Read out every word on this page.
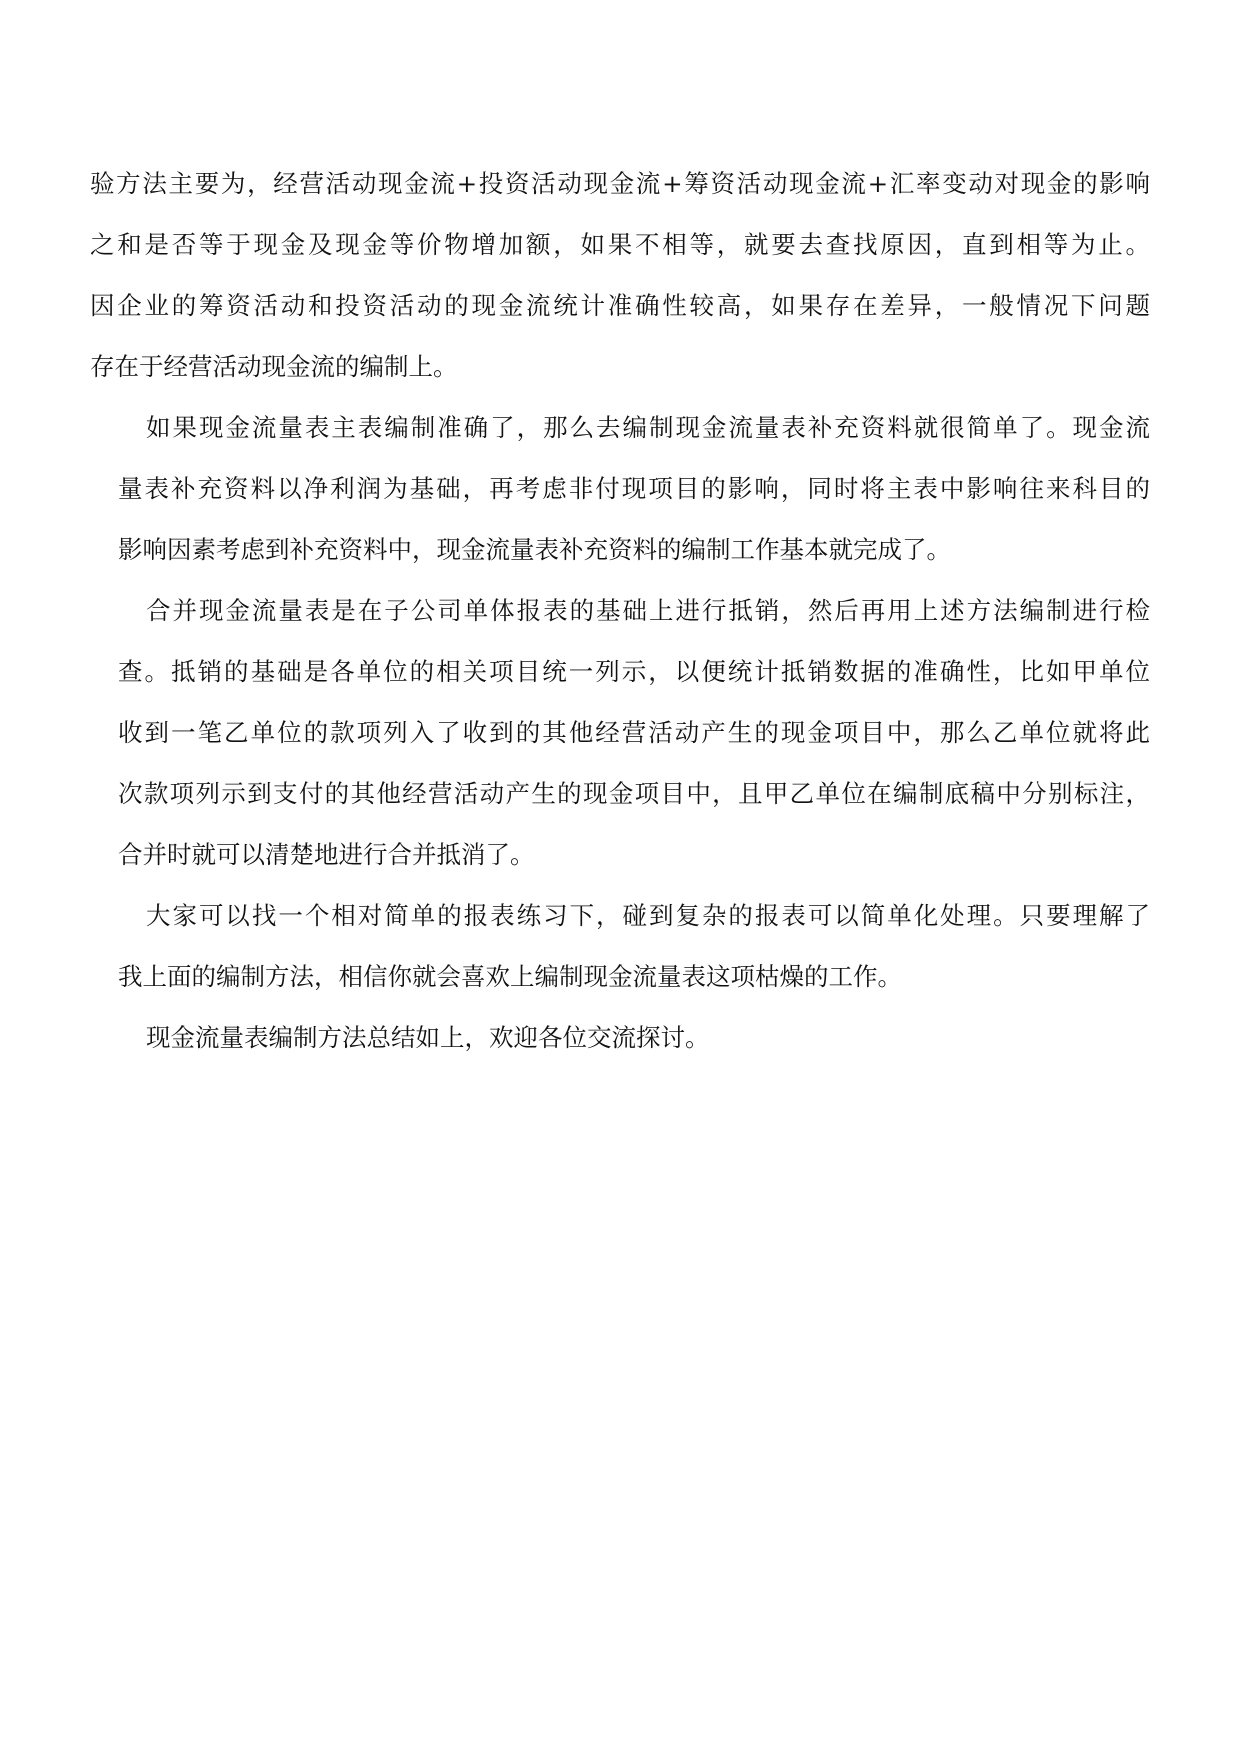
验方法主要为，经营活动现金流+投资活动现金流+筹资活动现金流+汇率变动对现金的影响
之和是否等于现金及现金等价物增加额，如果不相等，就要去查找原因，直到相等为止。
因企业的筹资活动和投资活动的现金流统计准确性较高，如果存在差异，一般情况下问题
存在于经营活动现金流的编制上。
如果现金流量表主表编制准确了，那么去编制现金流量表补充资料就很简单了。现金流
量表补充资料以净利润为基础，再考虑非付现项目的影响，同时将主表中影响往来科目的
影响因素考虑到补充资料中，现金流量表补充资料的编制工作基本就完成了。
合并现金流量表是在子公司单体报表的基础上进行抵销，然后再用上述方法编制进行检
查。抵销的基础是各单位的相关项目统一列示，以便统计抵销数据的准确性，比如甲单位
收到一笔乙单位的款项列入了收到的其他经营活动产生的现金项目中，那么乙单位就将此
次款项列示到支付的其他经营活动产生的现金项目中，且甲乙单位在编制底稿中分别标注，
合并时就可以清楚地进行合并抵消了。
大家可以找一个相对简单的报表练习下，碰到复杂的报表可以简单化处理。只要理解了
我上面的编制方法，相信你就会喜欢上编制现金流量表这项枯燥的工作。
现金流量表编制方法总结如上，欢迎各位交流探讨。
